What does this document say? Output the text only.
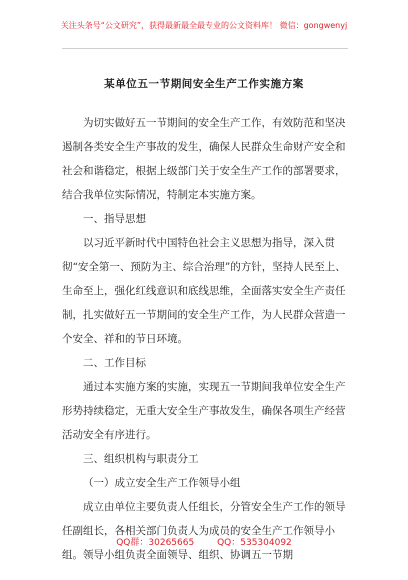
关注头条号“公文研究”，获得最新最全最专业的公文资料库！ 微信：gongwenyj
某单位五一节期间安全生产工作实施方案

为切实做好五一节期间的安全生产工作，有效防范和坚决遏制各类安全生产事故的发生，确保人民群众生命财产安全和社会和谐稳定，根据上级部门关于安全生产工作的部署要求，结合我单位实际情况，特制定本实施方案。

一、指导思想

以习近平新时代中国特色社会主义思想为指导，深入贯彻“安全第一、预防为主、综合治理”的方针，坚持人民至上、生命至上，强化红线意识和底线思维，全面落实安全生产责任制，扎实做好五一节期间的安全生产工作，为人民群众营造一个安全、祥和的节日环境。

二、工作目标

通过本实施方案的实施，实现五一节期间我单位安全生产形势持续稳定，无重大安全生产事故发生，确保各项生产经营活动安全有序进行。

三、组织机构与职责分工

（一）成立安全生产工作领导小组

成立由单位主要负责人任组长，分管安全生产工作的领导任副组长，各相关部门负责人为成员的安全生产工作领导小组。领导小组负责全面领导、组织、协调五一节期

QQ群：30265665	QQ：535304092
